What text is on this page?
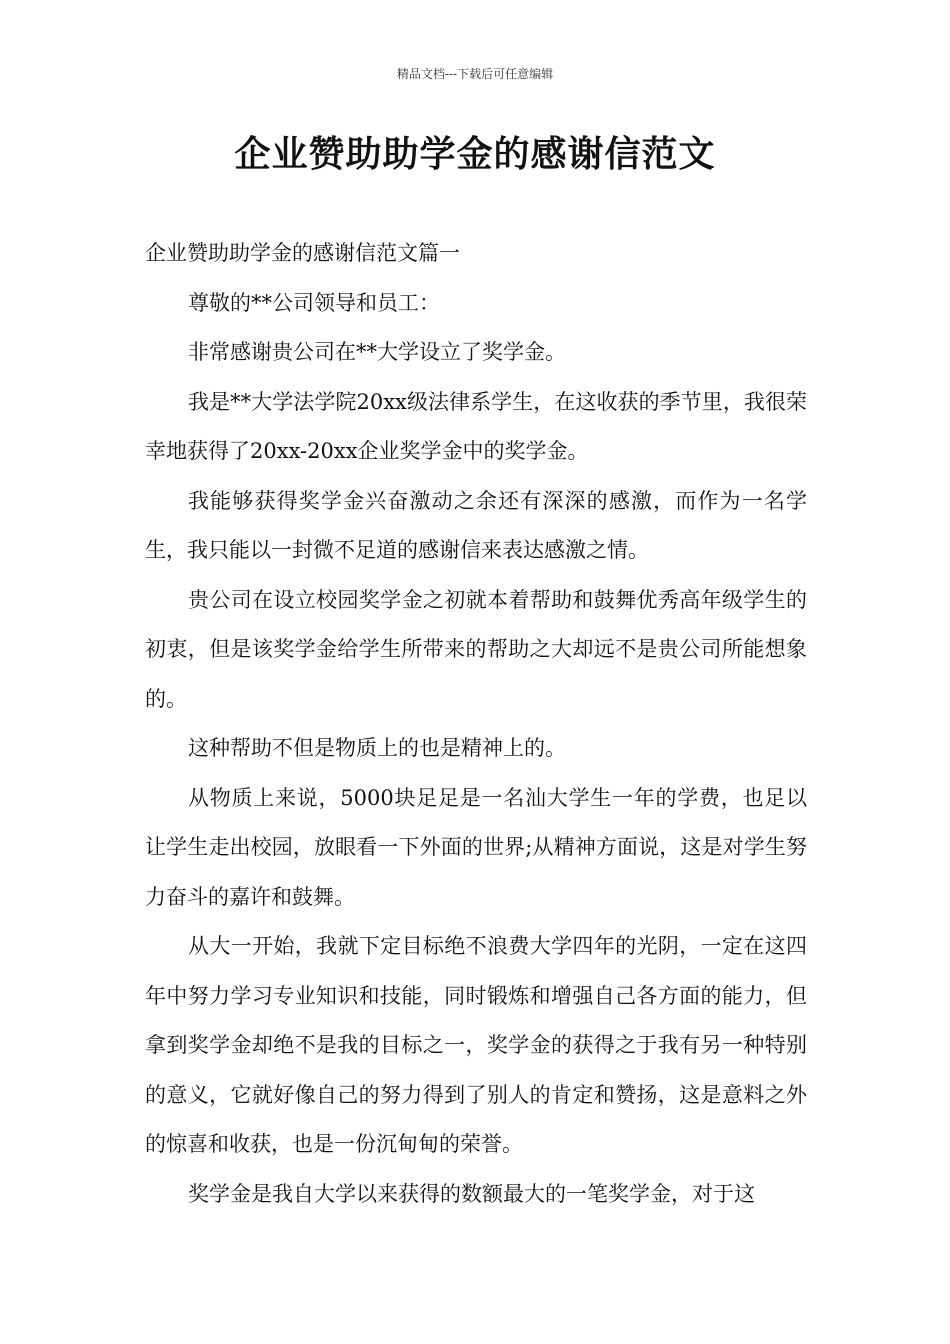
精品文档---下载后可任意编辑
企业赞助助学金的感谢信范文

企业赞助助学金的感谢信范文篇一

尊敬的**公司领导和员工：

非常感谢贵公司在**大学设立了奖学金。

我是**大学法学院20xx级法律系学生，在这收获的季节里，我很荣幸地获得了20xx-20xx企业奖学金中的奖学金。

我能够获得奖学金兴奋激动之余还有深深的感激，而作为一名学生，我只能以一封微不足道的感谢信来表达感激之情。

贵公司在设立校园奖学金之初就本着帮助和鼓舞优秀高年级学生的初衷，但是该奖学金给学生所带来的帮助之大却远不是贵公司所能想象的。

这种帮助不但是物质上的也是精神上的。

从物质上来说，5000块足足是一名汕大学生一年的学费，也足以让学生走出校园，放眼看一下外面的世界;从精神方面说，这是对学生努力奋斗的嘉许和鼓舞。

从大一开始，我就下定目标绝不浪费大学四年的光阴，一定在这四年中努力学习专业知识和技能，同时锻炼和增强自己各方面的能力，但拿到奖学金却绝不是我的目标之一，奖学金的获得之于我有另一种特别的意义，它就好像自己的努力得到了别人的肯定和赞扬，这是意料之外的惊喜和收获，也是一份沉甸甸的荣誉。

奖学金是我自大学以来获得的数额最大的一笔奖学金，对于这
